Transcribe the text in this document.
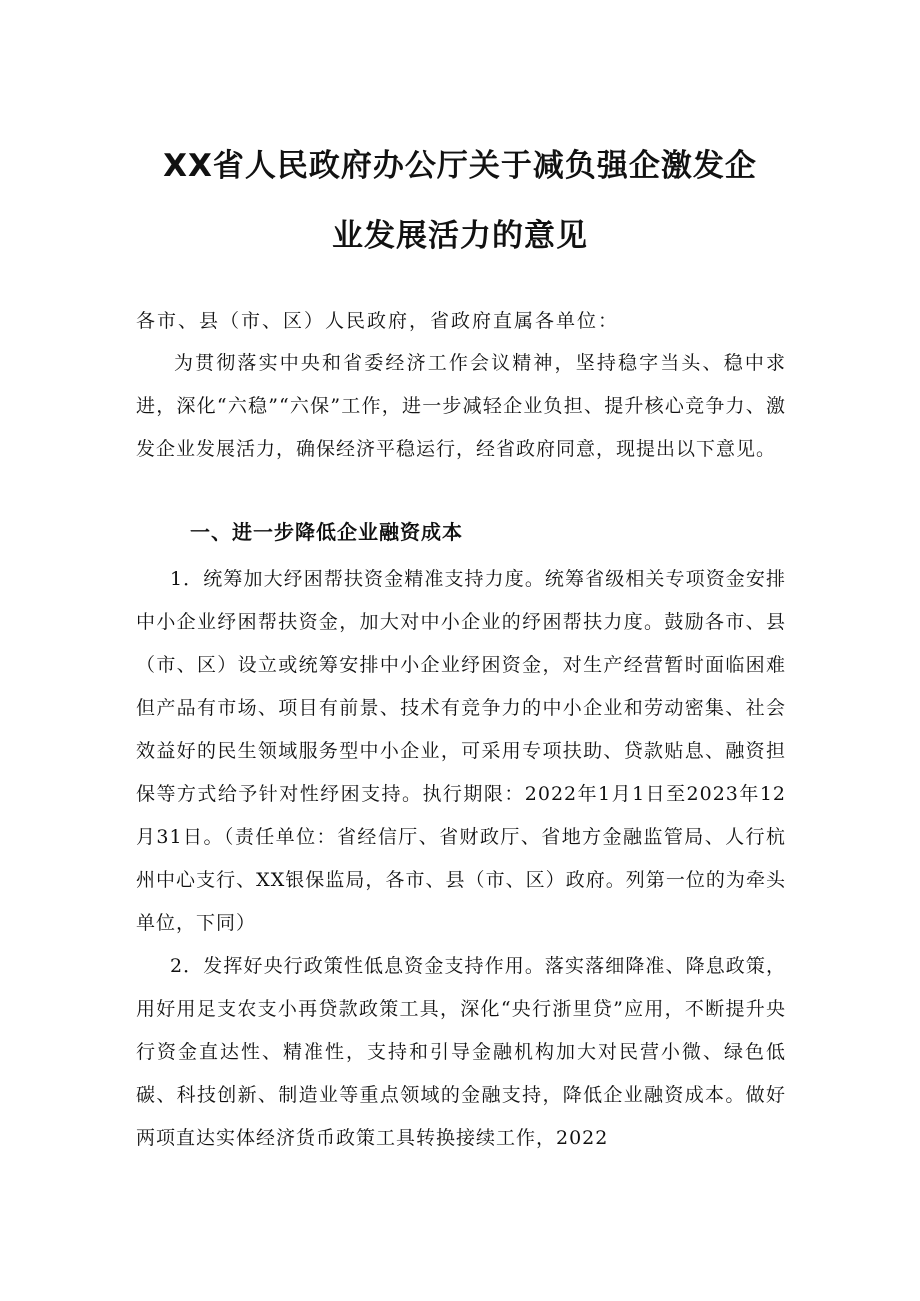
XX省人民政府办公厅关于减负强企激发企
业发展活力的意见
各市、县（市、区）人民政府，省政府直属各单位：

为贯彻落实中央和省委经济工作会议精神，坚持稳字当头、稳中求进，深化“六稳”“六保”工作，进一步减轻企业负担、提升核心竞争力、激发企业发展活力，确保经济平稳运行，经省政府同意，现提出以下意见。

一、进一步降低企业融资成本

1．统筹加大纾困帮扶资金精准支持力度。统筹省级相关专项资金安排中小企业纾困帮扶资金，加大对中小企业的纾困帮扶力度。鼓励各市、县（市、区）设立或统筹安排中小企业纾困资金，对生产经营暂时面临困难但产品有市场、项目有前景、技术有竞争力的中小企业和劳动密集、社会效益好的民生领域服务型中小企业，可采用专项扶助、贷款贴息、融资担保等方式给予针对性纾困支持。执行期限：2022年1月1日至2023年12月31日。（责任单位：省经信厅、省财政厅、省地方金融监管局、人行杭州中心支行、XX银保监局，各市、县（市、区）政府。列第一位的为牵头单位，下同）

2．发挥好央行政策性低息资金支持作用。落实落细降准、降息政策，用好用足支农支小再贷款政策工具，深化“央行浙里贷”应用，不断提升央行资金直达性、精准性，支持和引导金融机构加大对民营小微、绿色低碳、科技创新、制造业等重点领域的金融支持，降低企业融资成本。做好两项直达实体经济货币政策工具转换接续工作，2022
